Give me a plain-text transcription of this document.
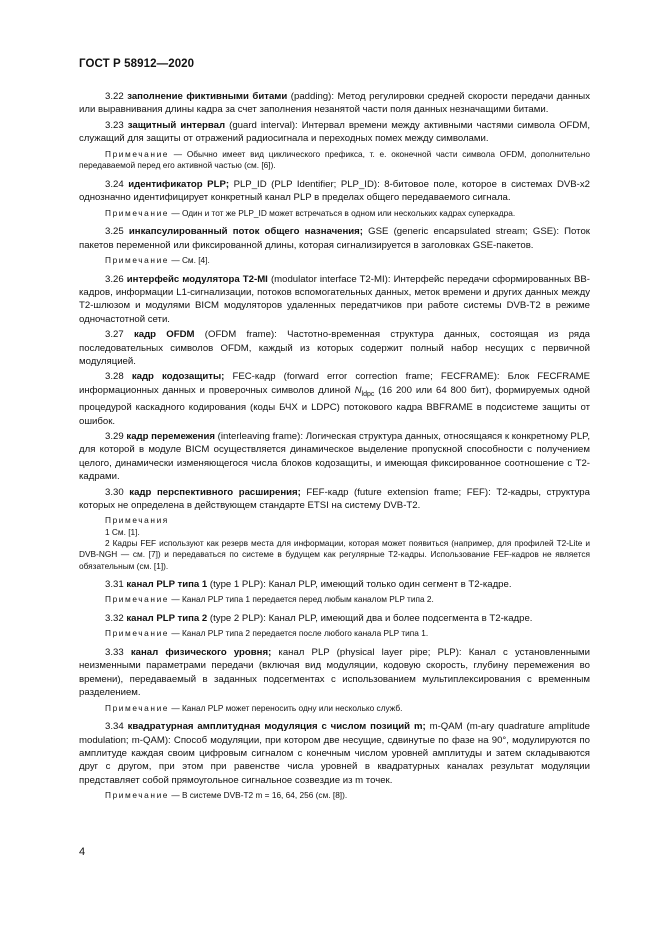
ГОСТ Р 58912—2020

3.22 заполнение фиктивными битами (padding): Метод регулировки средней скорости передачи данных или выравнивания длины кадра за счет заполнения незанятой части поля данных незначащими битами.

3.23 защитный интервал (guard interval): Интервал времени между активными частями символа OFDM, служащий для защиты от отражений радиосигнала и переходных помех между символами.

Примечание — Обычно имеет вид циклического префикса, т. е. оконечной части символа OFDM, дополнительно передаваемой перед его активной частью (см. [6]).

3.24 идентификатор PLP; PLP_ID (PLP Identifier; PLP_ID): 8-битовое поле, которое в системах DVB-x2 однозначно идентифицирует конкретный канал PLP в пределах общего передаваемого сигнала.

Примечание — Один и тот же PLP_ID может встречаться в одном или нескольких кадрах суперкадра.

3.25 инкапсулированный поток общего назначения; GSE (generic encapsulated stream; GSE): Поток пакетов переменной или фиксированной длины, которая сигнализируется в заголовках GSE-пакетов.

Примечание — См. [4].

3.26 интерфейс модулятора T2-MI (modulator interface T2-MI): Интерфейс передачи сформированных BB-кадров, информации L1-сигнализации, потоков вспомогательных данных, меток времени и других данных между T2-шлюзом и модулями BICM модуляторов удаленных передатчиков при работе системы DVB-T2 в режиме одночастотной сети.

3.27 кадр OFDM (OFDM frame): Частотно-временная структура данных, состоящая из ряда последовательных символов OFDM, каждый из которых содержит полный набор несущих с первичной модуляцией.

3.28 кадр кодозащиты; FEC-кадр (forward error correction frame; FECFRAME): Блок FECFRAME информационных данных и проверочных символов длиной $N_{ldpc}$ (16 200 или 64 800 бит), формируемых одной процедурой каскадного кодирования (коды БЧХ и LDPC) потокового кадра BBFRAME в подсистеме защиты от ошибок.

3.29 кадр перемежения (interleaving frame): Логическая структура данных, относящаяся к конкретному PLP, для которой в модуле BICM осуществляется динамическое выделение пропускной способности с получением целого, динамически изменяющегося числа блоков кодозащиты, и имеющая фиксированное соотношение с T2-кадрами.

3.30 кадр перспективного расширения; FEF-кадр (future extension frame; FEF): T2-кадры, структура которых не определена в действующем стандарте ETSI на систему DVB-T2.

Примечания
1 См. [1].
2 Кадры FEF используют как резерв места для информации, которая может появиться (например, для профилей T2-Lite и DVB-NGH — см. [7]) и передаваться по системе в будущем как регулярные T2-кадры. Использование FEF-кадров не является обязательным (см. [1]).

3.31 канал PLP типа 1 (type 1 PLP): Канал PLP, имеющий только один сегмент в T2-кадре.

Примечание — Канал PLP типа 1 передается перед любым каналом PLP типа 2.

3.32 канал PLP типа 2 (type 2 PLP): Канал PLP, имеющий два и более подсегмента в T2-кадре.

Примечание — Канал PLP типа 2 передается после любого канала PLP типа 1.

3.33 канал физического уровня; канал PLP (physical layer pipe; PLP): Канал с установленными неизменными параметрами передачи (включая вид модуляции, кодовую скорость, глубину перемежения во времени), передаваемый в заданных подсегментах с использованием мультиплексирования с временным разделением.

Примечание — Канал PLP может переносить одну или несколько служб.

3.34 квадратурная амплитудная модуляция с числом позиций m; m-QAM (m-ary quadrature amplitude modulation; m-QAM): Способ модуляции, при котором две несущие, сдвинутые по фазе на 90°, модулируются по амплитуде каждая своим цифровым сигналом с конечным числом уровней амплитуды и затем складываются друг с другом, при этом при равенстве числа уровней в квадратурных каналах результат модуляции представляет собой прямоугольное сигнальное созвездие из m точек.

Примечание — В системе DVB-T2 m = 16, 64, 256 (см. [8]).

4
